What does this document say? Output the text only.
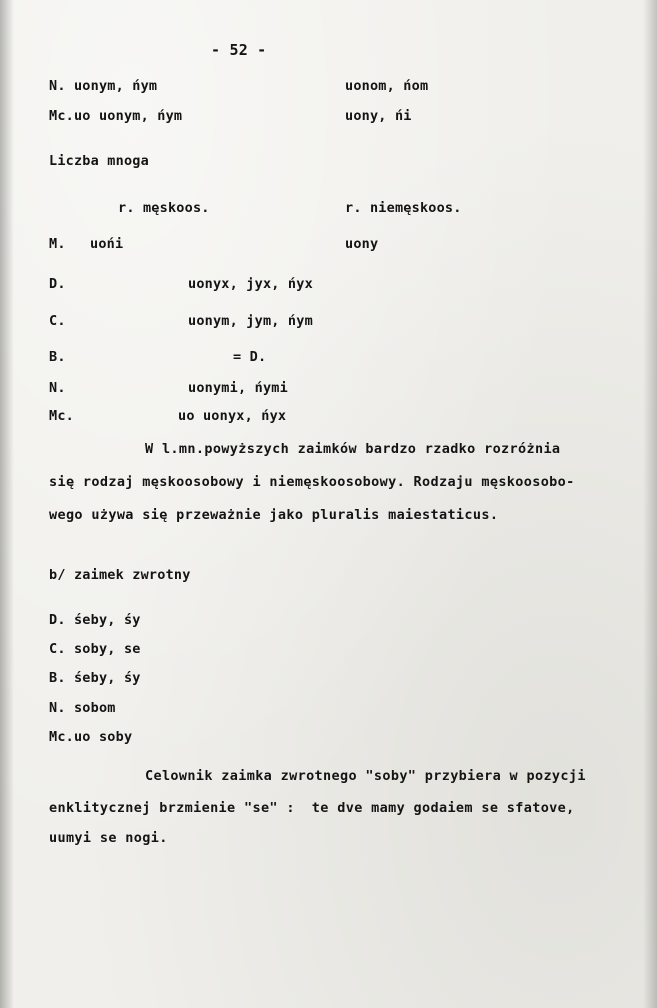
- 52 -
N. uonym, ńym	uonom, ńom
Mc.uo uonym, ńym	uony, ńi
Liczba mnoga
r. męskoos.	r. niemęskoos.
M. uońi	uony
D.	uonyx, jyx, ńyx
C.	uonym, jym, ńym
B.	= D.
N.	uonymi, ńymi
Mc.	uo uonyx, ńyx
W l.mn.powyższych zaimków bardzo rzadko rozróżnia
się rodzaj męskoosobowy i niemęskoosobowy. Rodzaju męskoosobo-
wego używa się przeważnie jako pluralis maiestaticus.
b/ zaimek zwrotny
D. śeby, śy
C. soby, se
B. śeby, śy
N. sobom
Mc.uo soby
Celownik zaimka zwrotnego "soby" przybiera w pozycji
enklitycznej brzmienie "se" :  te dve mamy godaiem se sfatove,
uumyi se nogi.
